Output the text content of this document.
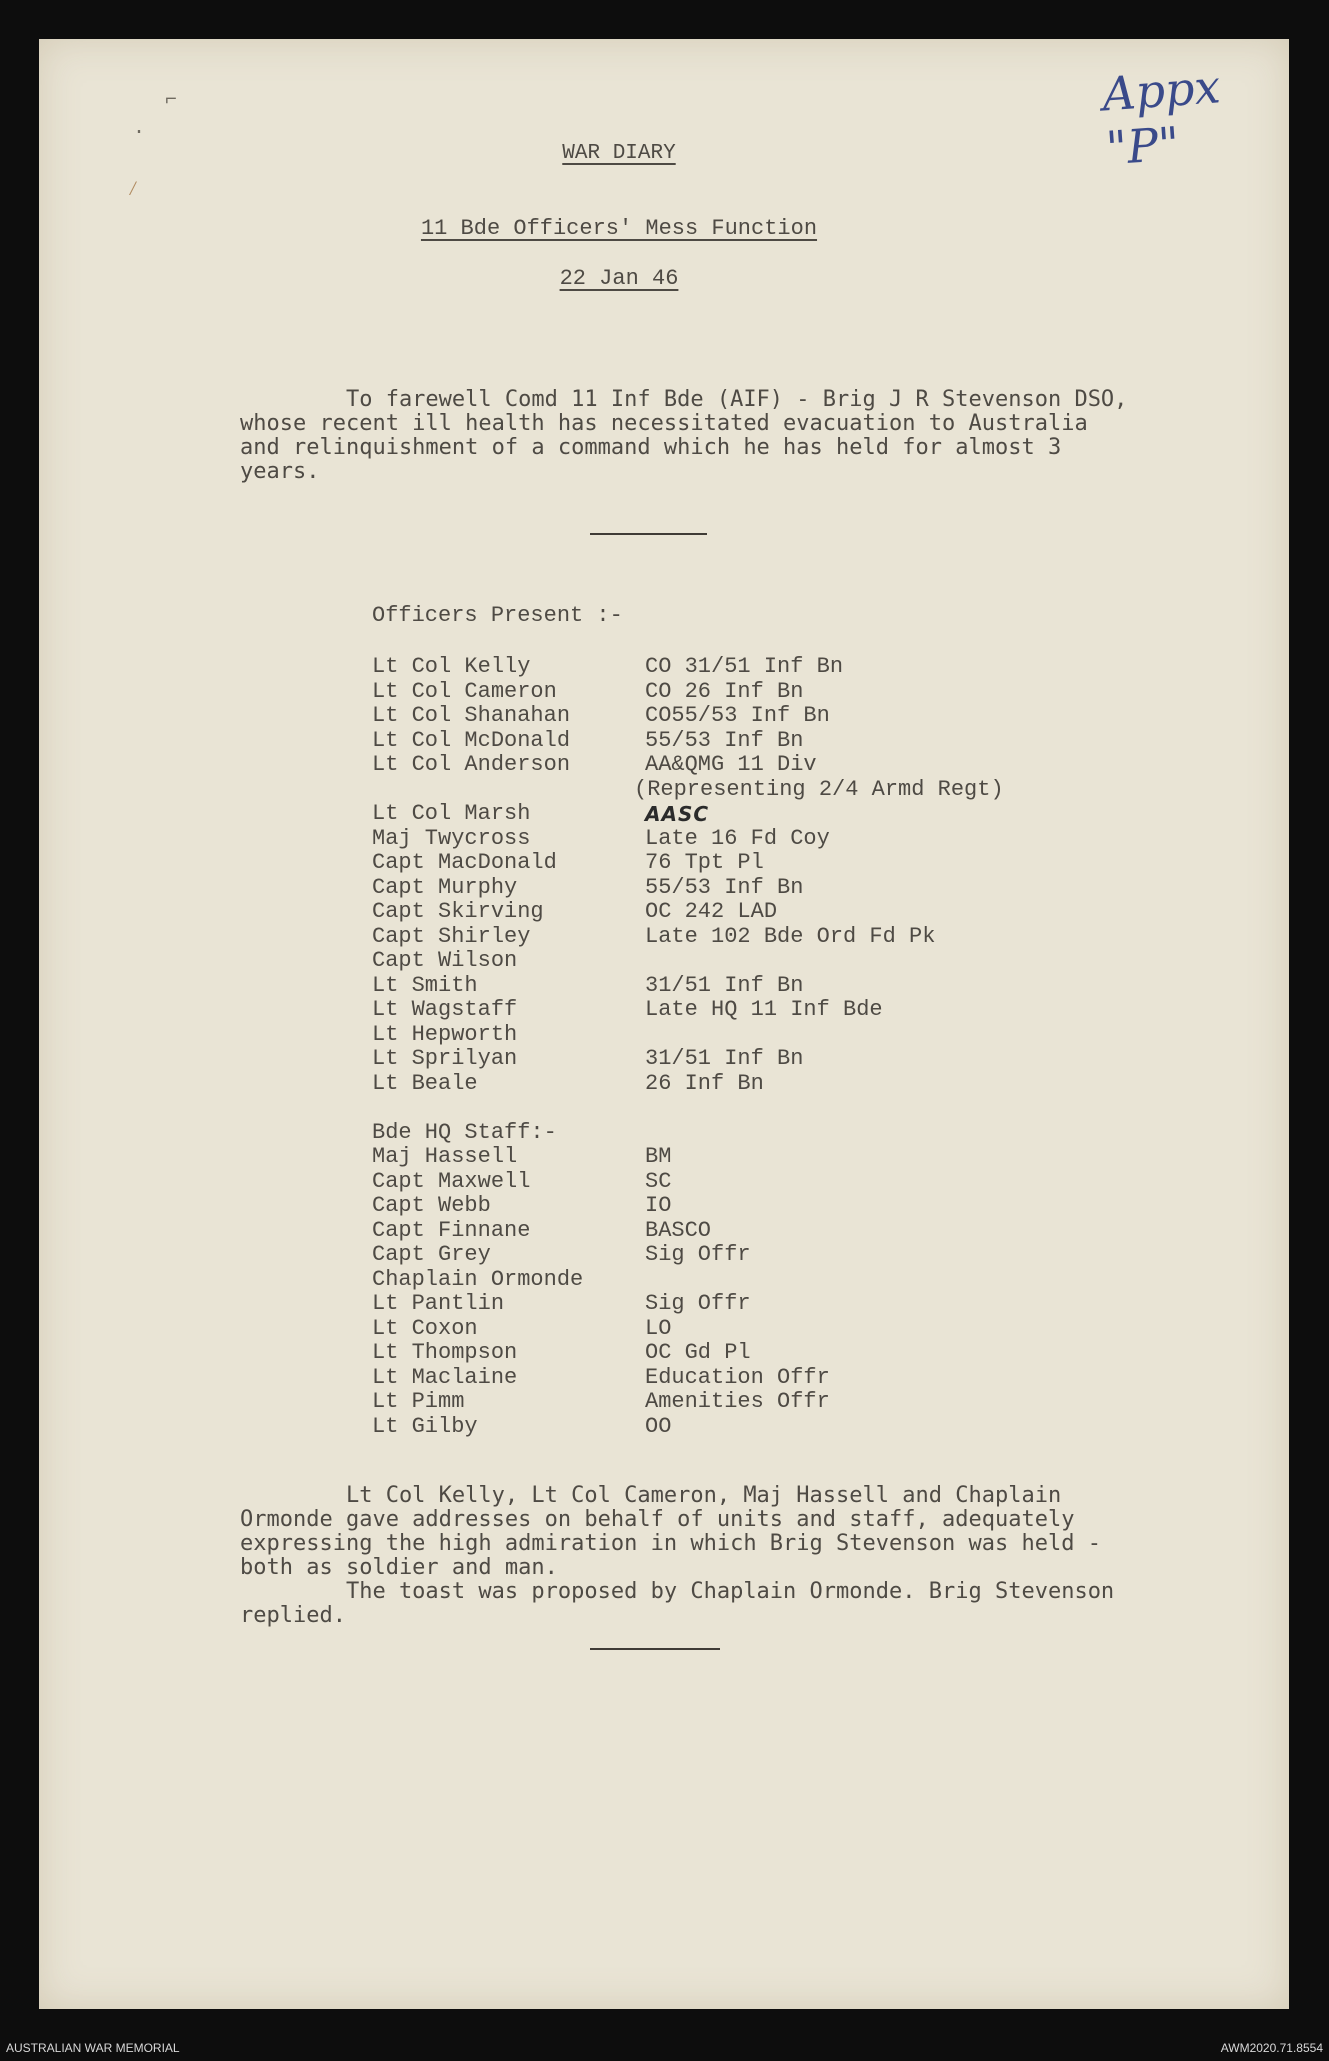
⌐
·
⁄
Appx "P"
WAR DIARY
11 Bde Officers' Mess Function
22 Jan 46
To farewell Comd 11 Inf Bde (AIF) - Brig J R Stevenson DSO,
whose recent ill health has necessitated evacuation to Australia
and relinquishment of a command which he has held for almost 3
years.
Officers Present :-
Lt Col Kelly	CO 31/51 Inf Bn
Lt Col Cameron	CO 26 Inf Bn
Lt Col Shanahan	CO55/53 Inf Bn
Lt Col McDonald	55/53 Inf Bn
Lt Col Anderson	AA&QMG 11 Div
(Representing 2/4 Armd Regt)
Lt Col Marsh	AASC
Maj Twycross	Late 16 Fd Coy
Capt MacDonald	76 Tpt Pl
Capt Murphy	55/53 Inf Bn
Capt Skirving	OC 242 LAD
Capt Shirley	Late 102 Bde Ord Fd Pk
Capt Wilson
Lt Smith	31/51 Inf Bn
Lt Wagstaff	Late HQ 11 Inf Bde
Lt Hepworth
Lt Sprilyan	31/51 Inf Bn
Lt Beale	26 Inf Bn
Bde HQ Staff:-
Maj Hassell	BM
Capt Maxwell	SC
Capt Webb	IO
Capt Finnane	BASCO
Capt Grey	Sig Offr
Chaplain Ormonde
Lt Pantlin	Sig Offr
Lt Coxon	LO
Lt Thompson	OC Gd Pl
Lt Maclaine	Education Offr
Lt Pimm	Amenities Offr
Lt Gilby	OO
Lt Col Kelly, Lt Col Cameron, Maj Hassell and Chaplain
Ormonde gave addresses on behalf of units and staff, adequately
expressing the high admiration in which Brig Stevenson was held -
both as soldier and man.
The toast was proposed by Chaplain Ormonde. Brig Stevenson
replied.
AUSTRALIAN WAR MEMORIAL	AWM2020.71.8554
